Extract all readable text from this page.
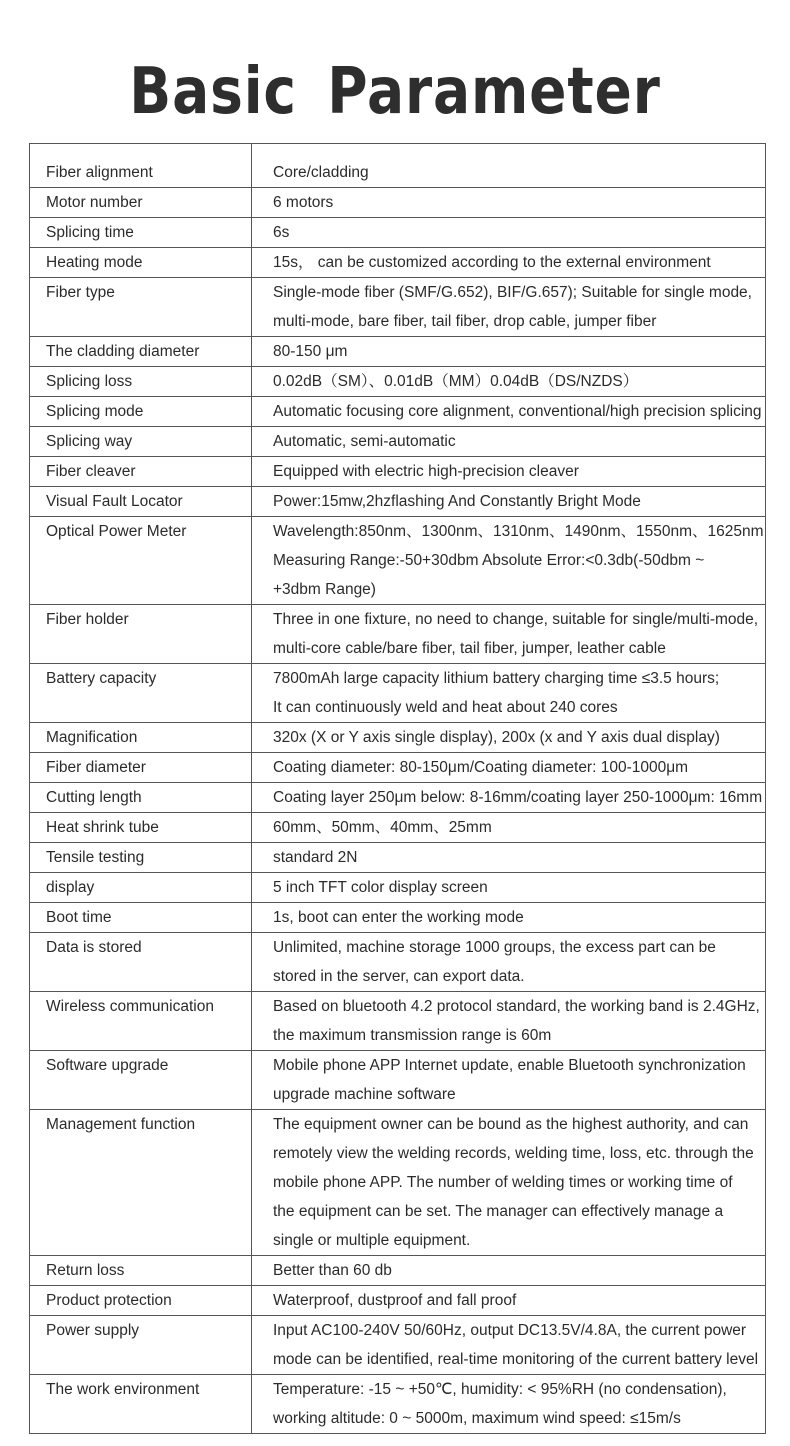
Basic Parameter
Fiber alignment	Core/cladding

Motor number	6 motors

Splicing time	6s

Heating mode	15s， can be customized according to the external environment

Fiber type	Single-mode fiber (SMF/G.652), BIF/G.657); Suitable for single mode,
multi-mode, bare fiber, tail fiber, drop cable, jumper fiber

The cladding diameter	80-150 μm

Splicing loss	0.02dB（SM）、0.01dB（MM）0.04dB（DS/NZDS）

Splicing mode	Automatic focusing core alignment, conventional/high precision splicing

Splicing way	Automatic, semi-automatic

Fiber cleaver	Equipped with electric high-precision cleaver

Visual Fault Locator	Power:15mw,2hzflashing And Constantly Bright Mode

Optical Power Meter	Wavelength:850nm、1300nm、1310nm、1490nm、1550nm、1625nm
Measuring Range:-50+30dbm Absolute Error:<0.3db(-50dbm ~
+3dbm Range)

Fiber holder	Three in one fixture, no need to change, suitable for single/multi-mode,
multi-core cable/bare fiber, tail fiber, jumper, leather cable

Battery capacity	7800mAh large capacity lithium battery charging time ≤3.5 hours;
It can continuously weld and heat about 240 cores

Magnification	320x (X or Y axis single display), 200x (x and Y axis dual display)

Fiber diameter	Coating diameter: 80-150μm/Coating diameter: 100-1000μm

Cutting length	Coating layer 250μm below: 8-16mm/coating layer 250-1000μm: 16mm

Heat shrink tube	60mm、50mm、40mm、25mm

Tensile testing	standard 2N

display	5 inch TFT color display screen

Boot time	1s, boot can enter the working mode

Data is stored	Unlimited, machine storage 1000 groups, the excess part can be
stored in the server, can export data.

Wireless communication	Based on bluetooth 4.2 protocol standard, the working band is 2.4GHz,
the maximum transmission range is 60m

Software upgrade	Mobile phone APP Internet update, enable Bluetooth synchronization
upgrade machine software

Management function	The equipment owner can be bound as the highest authority, and can
remotely view the welding records, welding time, loss, etc. through the
mobile phone APP. The number of welding times or working time of
the equipment can be set. The manager can effectively manage a
single or multiple equipment.

Return loss	Better than 60 db

Product protection	Waterproof, dustproof and fall proof

Power supply	Input AC100-240V 50/60Hz, output DC13.5V/4.8A, the current power
mode can be identified, real-time monitoring of the current battery level

The work environment	Temperature: -15 ~ +50℃, humidity: < 95%RH (no condensation),
working altitude: 0 ~ 5000m, maximum wind speed: ≤15m/s
